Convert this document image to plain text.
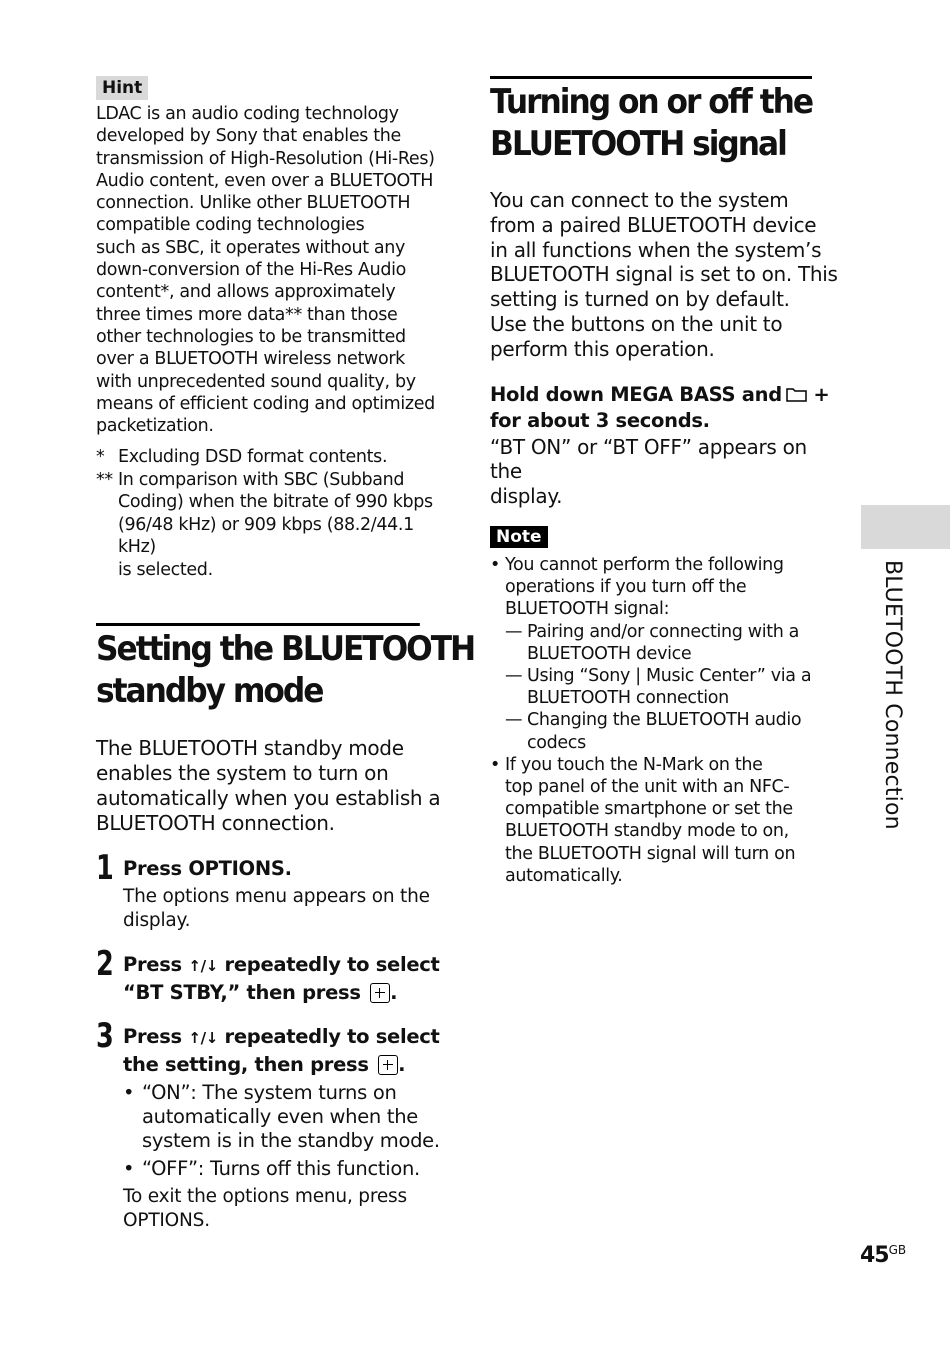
Hint
LDAC is an audio coding technology
developed by Sony that enables the
transmission of High-Resolution (Hi-Res)
Audio content, even over a BLUETOOTH
connection. Unlike other BLUETOOTH
compatible coding technologies
such as SBC, it operates without any
down-conversion of the Hi-Res Audio
content*, and allows approximately
three times more data** than those
other technologies to be transmitted
over a BLUETOOTH wireless network
with unprecedented sound quality, by
means of efficient coding and optimized
packetization.
* Excluding DSD format contents.
** In comparison with SBC (Subband
Coding) when the bitrate of 990 kbps
(96/48 kHz) or 909 kbps (88.2/44.1 kHz)
is selected.
Setting the BLUETOOTH
standby mode
The BLUETOOTH standby mode
enables the system to turn on
automatically when you establish a
BLUETOOTH connection.
1 Press OPTIONS.
The options menu appears on the
display.
2 Press ↑/↓ repeatedly to select
“BT STBY,” then press .
3 Press ↑/↓ repeatedly to select
the setting, then press .
• “ON”: The system turns on
automatically even when the
system is in the standby mode.
• “OFF”: Turns off this function.
To exit the options menu, press
OPTIONS.
Turning on or off the
BLUETOOTH signal
You can connect to the system
from a paired BLUETOOTH device
in all functions when the system’s
BLUETOOTH signal is set to on. This
setting is turned on by default.
Use the buttons on the unit to
perform this operation.
Hold down MEGA BASS and +
for about 3 seconds.
“BT ON” or “BT OFF” appears on the
display.
Note
• You cannot perform the following
operations if you turn off the
BLUETOOTH signal:
— Pairing and/or connecting with a
BLUETOOTH device
— Using “Sony | Music Center” via a
BLUETOOTH connection
— Changing the BLUETOOTH audio
codecs
• If you touch the N-Mark on the
top panel of the unit with an NFC-
compatible smartphone or set the
BLUETOOTH standby mode to on,
the BLUETOOTH signal will turn on
automatically.
BLUETOOTH Connection
$45^{GB}$
